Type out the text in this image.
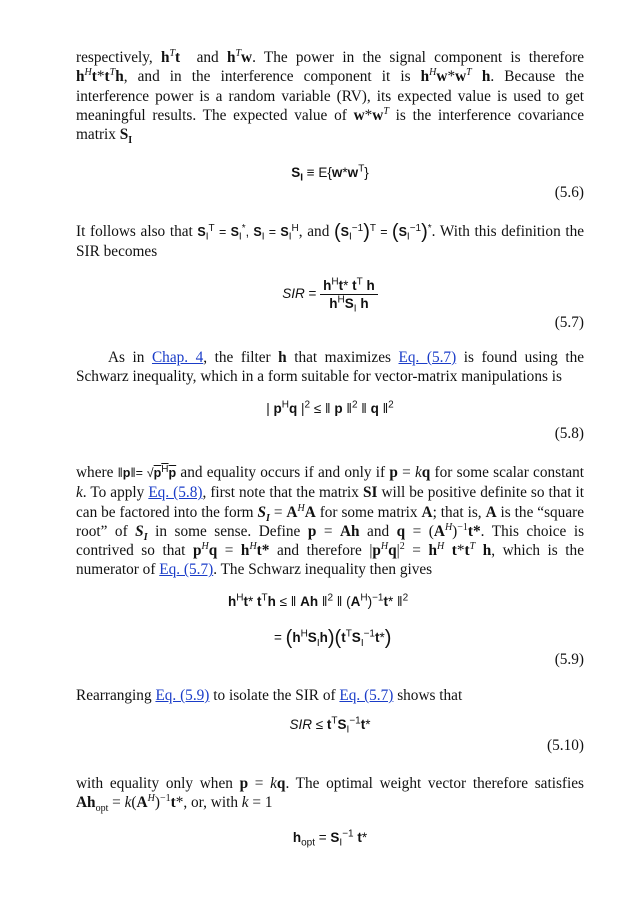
respectively, $h^Tt$  and $h^Tw$. The power in the signal component is therefore $h^Ht*t^Th$, and in the interference component it is $h^Hw*w^T$ h. Because the interference power is a random variable (RV), its expected value is used to get meaningful results. The expected value of $w*w^T$ is the interference covariance matrix $S_I$

$S_I \equiv E\{w*w^T\}$
(5.6)

It follows also that $S_I^T = S_I^*$, $S_I = S_I^H$, and $(S_I^{-1})^T = (S_I^{-1})^*$. With this definition the SIR becomes

SIR = $\frac{h^Ht* t^T h}{h^HS_I h}$
(5.7)

As in Chap. 4, the filter h that maximizes Eq. (5.7) is found using the Schwarz inequality, which in a form suitable for vector-matrix manipulations is

| $p^Hq$ $|^2$ ≤ ‖ p ‖$^2$ ‖ q ‖$^2$
(5.8)

where ‖p‖= $√p^Hp$ and equality occurs if and only if p = kq for some scalar constant k. To apply Eq. (5.8), first note that the matrix SI will be positive definite so that it can be factored into the form $S_I = A^HA$ for some matrix A; that is, A is the “square root” of $S_I$ in some sense. Define p = Ah and $q = (A^H)^{-1}t*$. This choice is contrived so that $p^Hq = h^Ht*$ and therefore $|p^Hq|^2 = h^H$ $t*t^T$ h, which is the numerator of Eq. (5.7). The Schwarz inequality then gives

$h^Ht*$ $t^Th$ ≤ ‖ Ah ‖$^2$ ‖ $(A^H)^{-1}t*$ ‖$^2$
= $(h^HS_Ih)(t^TS_I^{-1}t*)$
(5.9)

Rearranging Eq. (5.9) to isolate the SIR of Eq. (5.7) shows that

SIR ≤ $t^TS_I^{-1}t*$
(5.10)

with equality only when p = kq. The optimal weight vector therefore satisfies $Ah_{opt} = k(A^H)^{-1}t*$, or, with k = 1

$h_{opt} = S_I^{-1}$ t*
